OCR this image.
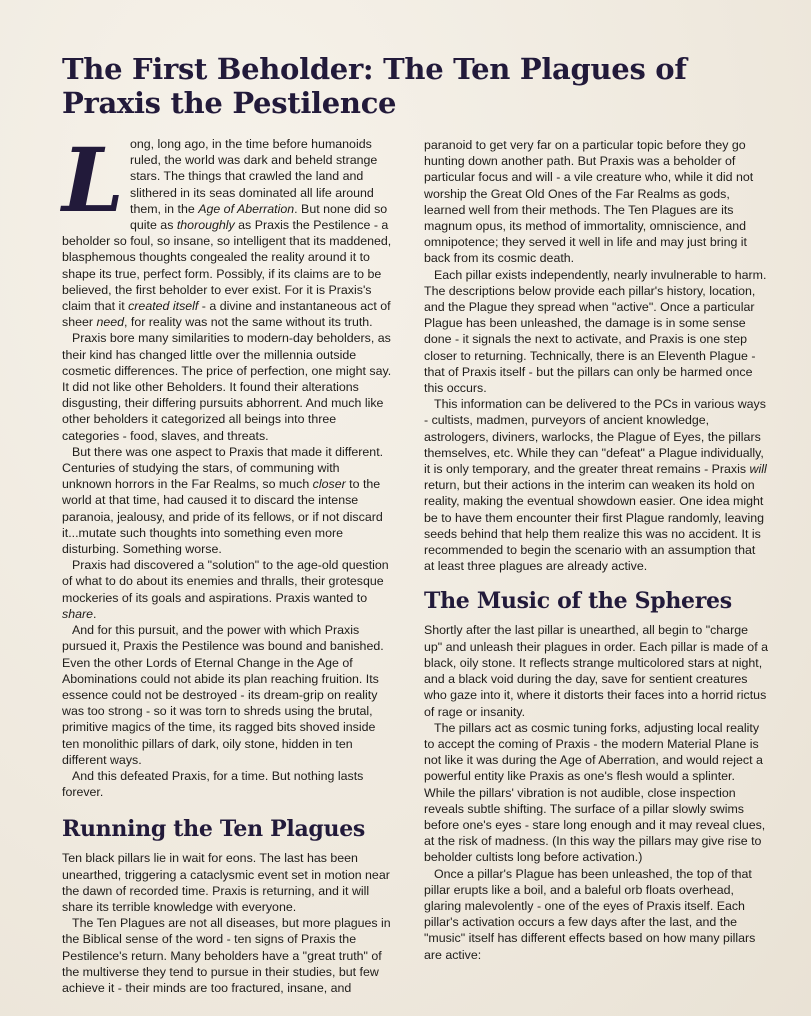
The First Beholder: The Ten Plagues of Praxis the Pestilence
L ong, long ago, in the time before humanoids ruled, the world was dark and beheld strange stars. The things that crawled the land and slithered in its seas dominated all life around them, in the Age of Aberration. But none did so quite as thoroughly as Praxis the Pestilence - a beholder so foul, so insane, so intelligent that its maddened, blasphemous thoughts congealed the reality around it to shape its true, perfect form. Possibly, if its claims are to be believed, the first beholder to ever exist. For it is Praxis's claim that it created itself - a divine and instantaneous act of sheer need, for reality was not the same without its truth.

Praxis bore many similarities to modern-day beholders, as their kind has changed little over the millennia outside cosmetic differences. The price of perfection, one might say. It did not like other Beholders. It found their alterations disgusting, their differing pursuits abhorrent. And much like other beholders it categorized all beings into three categories - food, slaves, and threats.

But there was one aspect to Praxis that made it different. Centuries of studying the stars, of communing with unknown horrors in the Far Realms, so much closer to the world at that time, had caused it to discard the intense paranoia, jealousy, and pride of its fellows, or if not discard it...mutate such thoughts into something even more disturbing. Something worse.

Praxis had discovered a "solution" to the age-old question of what to do about its enemies and thralls, their grotesque mockeries of its goals and aspirations. Praxis wanted to share.

And for this pursuit, and the power with which Praxis pursued it, Praxis the Pestilence was bound and banished. Even the other Lords of Eternal Change in the Age of Abominations could not abide its plan reaching fruition. Its essence could not be destroyed - its dream-grip on reality was too strong - so it was torn to shreds using the brutal, primitive magics of the time, its ragged bits shoved inside ten monolithic pillars of dark, oily stone, hidden in ten different ways.

And this defeated Praxis, for a time. But nothing lasts forever.

Running the Ten Plagues

Ten black pillars lie in wait for eons. The last has been unearthed, triggering a cataclysmic event set in motion near the dawn of recorded time. Praxis is returning, and it will share its terrible knowledge with everyone.

The Ten Plagues are not all diseases, but more plagues in the Biblical sense of the word - ten signs of Praxis the Pestilence's return. Many beholders have a "great truth" of the multiverse they tend to pursue in their studies, but few achieve it - their minds are too fractured, insane, and

paranoid to get very far on a particular topic before they go hunting down another path. But Praxis was a beholder of particular focus and will - a vile creature who, while it did not worship the Great Old Ones of the Far Realms as gods, learned well from their methods. The Ten Plagues are its magnum opus, its method of immortality, omniscience, and omnipotence; they served it well in life and may just bring it back from its cosmic death.

Each pillar exists independently, nearly invulnerable to harm. The descriptions below provide each pillar's history, location, and the Plague they spread when "active". Once a particular Plague has been unleashed, the damage is in some sense done - it signals the next to activate, and Praxis is one step closer to returning. Technically, there is an Eleventh Plague - that of Praxis itself - but the pillars can only be harmed once this occurs.

This information can be delivered to the PCs in various ways - cultists, madmen, purveyors of ancient knowledge, astrologers, diviners, warlocks, the Plague of Eyes, the pillars themselves, etc. While they can "defeat" a Plague individually, it is only temporary, and the greater threat remains - Praxis will return, but their actions in the interim can weaken its hold on reality, making the eventual showdown easier. One idea might be to have them encounter their first Plague randomly, leaving seeds behind that help them realize this was no accident. It is recommended to begin the scenario with an assumption that at least three plagues are already active.

The Music of the Spheres

Shortly after the last pillar is unearthed, all begin to "charge up" and unleash their plagues in order. Each pillar is made of a black, oily stone. It reflects strange multicolored stars at night, and a black void during the day, save for sentient creatures who gaze into it, where it distorts their faces into a horrid rictus of rage or insanity.

The pillars act as cosmic tuning forks, adjusting local reality to accept the coming of Praxis - the modern Material Plane is not like it was during the Age of Aberration, and would reject a powerful entity like Praxis as one's flesh would a splinter. While the pillars' vibration is not audible, close inspection reveals subtle shifting. The surface of a pillar slowly swims before one's eyes - stare long enough and it may reveal clues, at the risk of madness. (In this way the pillars may give rise to beholder cultists long before activation.)

Once a pillar's Plague has been unleashed, the top of that pillar erupts like a boil, and a baleful orb floats overhead, glaring malevolently - one of the eyes of Praxis itself. Each pillar's activation occurs a few days after the last, and the "music" itself has different effects based on how many pillars are active:
